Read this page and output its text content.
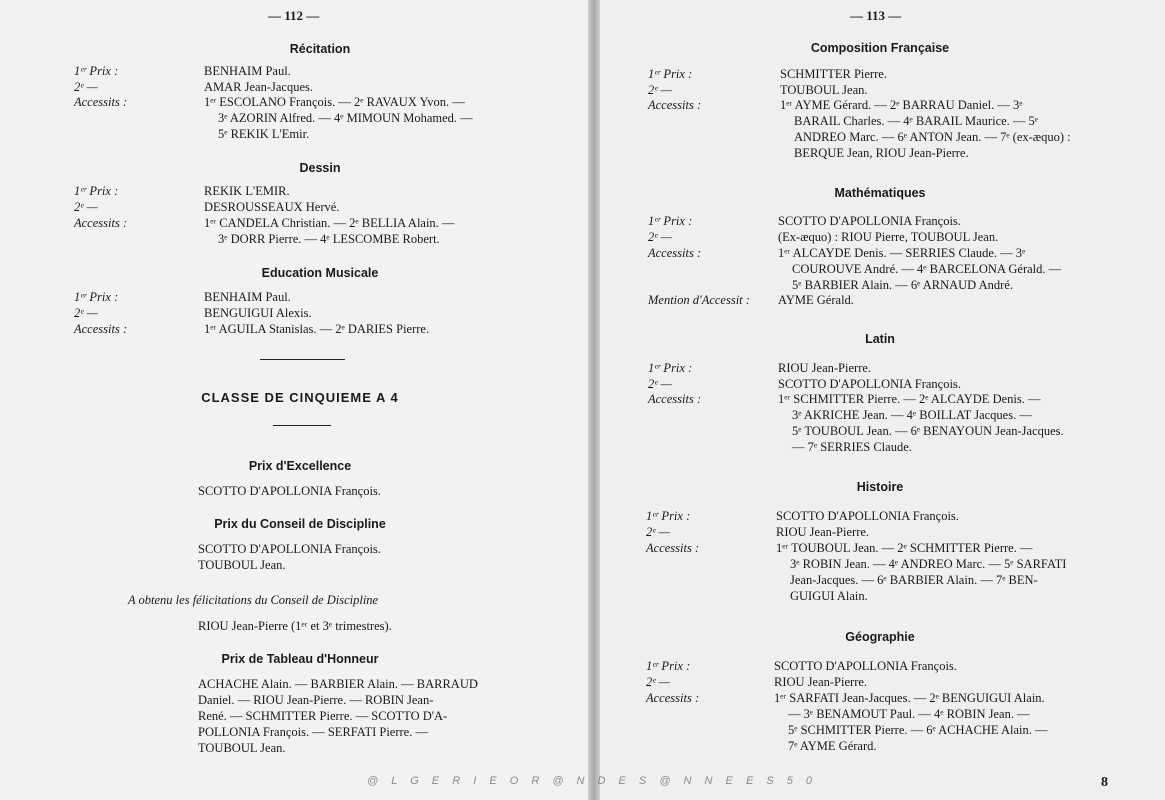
— 112 —
Récitation
1ᵉʳ Prix :	BENHAIM Paul.
2ᵉ —	AMAR Jean-Jacques.
Accessits :	1ᵉʳ ESCOLANO François. — 2ᵉ RAVAUX Yvon. —
3ᵉ AZORIN Alfred. — 4ᵉ MIMOUN Mohamed. —
5ᵉ REKIK L'Emir.
Dessin
1ᵉʳ Prix :	REKIK L'EMIR.
2ᵉ —	DESROUSSEAUX Hervé.
Accessits :	1ᵉʳ CANDELA Christian. — 2ᵉ BELLIA Alain. —
3ᵉ DORR Pierre. — 4ᵉ LESCOMBE Robert.
Education Musicale
1ᵉʳ Prix :	BENHAIM Paul.
2ᵉ —	BENGUIGUI Alexis.
Accessits :	1ᵉʳ AGUILA Stanislas. — 2ᵉ DARIES Pierre.
CLASSE DE CINQUIEME A 4
Prix d'Excellence
SCOTTO D'APOLLONIA François.
Prix du Conseil de Discipline
SCOTTO D'APOLLONIA François.
TOUBOUL Jean.
A obtenu les félicitations du Conseil de Discipline
RIOU Jean-Pierre (1ᵉʳ et 3ᵉ trimestres).
Prix de Tableau d'Honneur
ACHACHE Alain. — BARBIER Alain. — BARRAUD
Daniel. — RIOU Jean-Pierre. — ROBIN Jean-
René. — SCHMITTER Pierre. — SCOTTO D'A-
POLLONIA François. — SERFATI Pierre. —
TOUBOUL Jean.
— 113 —
Composition Française
1ᵉʳ Prix :	SCHMITTER Pierre.
2ᵉ —	TOUBOUL Jean.
Accessits :	1ᵉʳ AYME Gérard. — 2ᵉ BARRAU Daniel. — 3ᵉ
BARAIL Charles. — 4ᵉ BARAIL Maurice. — 5ᵉ
ANDREO Marc. — 6ᵉ ANTON Jean. — 7ᵉ (ex-æquo) :
BERQUE Jean, RIOU Jean-Pierre.
Mathématiques
1ᵉʳ Prix :	SCOTTO D'APOLLONIA François.
2ᵉ —	(Ex-æquo) : RIOU Pierre, TOUBOUL Jean.
Accessits :	1ᵉʳ ALCAYDE Denis. — SERRIES Claude. — 3ᵉ
COUROUVE André. — 4ᵉ BARCELONA Gérald. —
5ᵉ BARBIER Alain. — 6ᵉ ARNAUD André.
Mention d'Accessit : AYME Gérald.
Latin
1ᵉʳ Prix :	RIOU Jean-Pierre.
2ᵉ —	SCOTTO D'APOLLONIA François.
Accessits :	1ᵉʳ SCHMITTER Pierre. — 2ᵉ ALCAYDE Denis. —
3ᵉ AKRICHE Jean. — 4ᵉ BOILLAT Jacques. —
5ᵉ TOUBOUL Jean. — 6ᵉ BENAYOUN Jean-Jacques.
— 7ᵉ SERRIES Claude.
Histoire
1ᵉʳ Prix :	SCOTTO D'APOLLONIA François.
2ᵉ —	RIOU Jean-Pierre.
Accessits :	1ᵉʳ TOUBOUL Jean. — 2ᵉ SCHMITTER Pierre. —
3ᵉ ROBIN Jean. — 4ᵉ ANDREO Marc. — 5ᵉ SARFATI
Jean-Jacques. — 6ᵉ BARBIER Alain. — 7ᵉ BEN-
GUIGUI Alain.
Géographie
1ᵉʳ Prix :	SCOTTO D'APOLLONIA François.
2ᵉ —	RIOU Jean-Pierre.
Accessits :	1ᵉʳ SARFATI Jean-Jacques. — 2ᵉ BENGUIGUI Alain.
— 3ᵉ BENAMOUT Paul. — 4ᵉ ROBIN Jean. —
5ᵉ SCHMITTER Pierre. — 6ᵉ ACHACHE Alain. —
7ᵉ AYME Gérard.
@ L G E R I E O R @ N D E S @ N N E E S 5 0	8
